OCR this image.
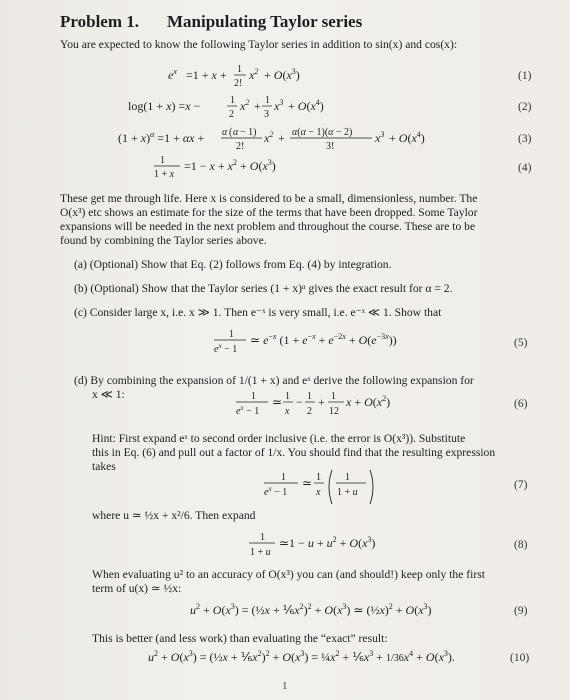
Problem 1. Manipulating Taylor series
You are expected to know the following Taylor series in addition to sin(x) and cos(x):
$e^x =1 + x + 1$
2!
$x^2 + O(x^3)$
log(1 + x) =x −	1
2
$x^2 + 1$
3
$x^3 + O(x^4)$
$(1 + x)^\alpha =1 + \alpha x + \alpha$ ( α − 1)
2!
$x^2 + \alpha(\alpha - 1)(\alpha - 2)$
3!
$x^3 + O(x^4)$
1
1 + x
$=1 - x + x^2 + O(x^3)$
1
$e^x - 1$
≃ $e^{-x}$ $(1 + e^{-x} + e^{-2x} + O(e^{-3x}))$
1
$e^x - 1$
≃ 1
x
− 1
2
+ 1
12
$x + O(x^2)$
1
$e^x - 1$
≃ 1
x
1
1 + u
1
1 + u
≃1 − $u + u^2 + O(x^3)$
$u^2 + O(x^3)$ = (½x + $\frac{1}{6}x^2)^2 + O(x^3)$ ≃ (½x)$^2$ + $O(x^3)$
$u^2 + O(x^3)$ = (½x + $\frac{1}{6}x^2)^2 + O(x^3)$ = $\frac{1}{4}x^2$ + $\frac{1}{6}x^3 + 1/36x^4 + O(x^3)$.
(1)
(2)
(3)
(4)
(5)
(6)
(7)
(8)
(9)
(10)
These get me through life. Here x is considered to be a small, dimensionless, number. The
O(x³) etc shows an estimate for the size of the terms that have been dropped. Some Taylor
expansions will be needed in the next problem and throughout the course. These are to be
found by combining the Taylor series above.
(a) (Optional) Show that Eq. (2) follows from Eq. (4) by integration.
(b) (Optional) Show that the Taylor series (1 + x)ᵅ gives the exact result for α = 2.
(c) Consider large x, i.e. x ≫ 1. Then e⁻ˣ is very small, i.e. e⁻ˣ ≪ 1. Show that
(d) By combining the expansion of 1/(1 + x) and eˣ derive the following expansion for
x ≪ 1:
Hint: First expand eˣ to second order inclusive (i.e. the error is O(x³)). Substitute
this in Eq. (6) and pull out a factor of 1/x. You should find that the resulting expression
takes
where u ≃ ½x + x²/6. Then expand
When evaluating u² to an accuracy of O(x³) you can (and should!) keep only the first
term of u(x) ≃ ½x:
This is better (and less work) than evaluating the “exact” result:
1
